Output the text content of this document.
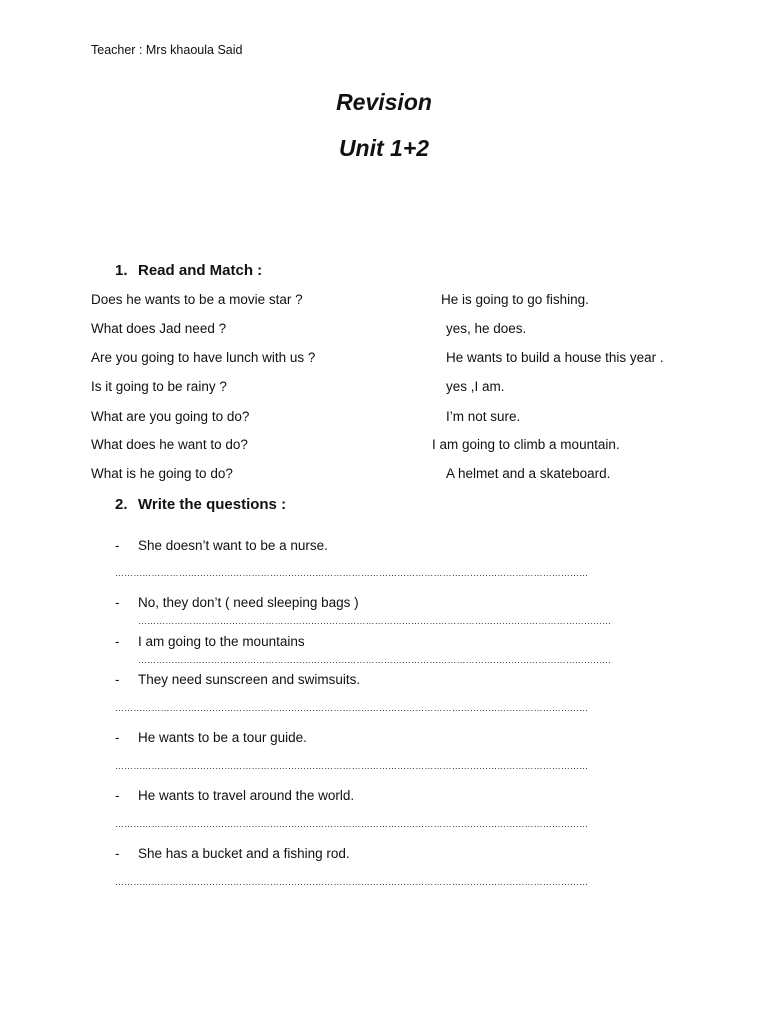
Teacher : Mrs khaoula Said
Revision
Unit 1+2
1. Read and Match :
Does he wants to be a movie star ?
What does Jad need ?
Are you going to have lunch with us ?
Is it going to be rainy ?
What are you going to do?
What does he want to do?
What is he going to do?
He is going to go fishing.
yes, he does.
He wants to build a house this year .
yes ,I am.
I’m not sure.
I am going to climb a mountain.
A helmet and a skateboard.
2. Write the questions :
- She doesn’t want to be a nurse.
…………………………………………………………………………………………………………………………………………
- No, they don’t ( need sleeping bags )
…………………………………………………………………………………………………………………………………………
- I am going to the mountains
…………………………………………………………………………………………………………………………………………
- They need sunscreen and swimsuits.
…………………………………………………………………………………………………………………………………………
- He wants to be a tour guide.
…………………………………………………………………………………………………………………………………………
- He wants to travel around the world.
…………………………………………………………………………………………………………………………………………
- She has a bucket and a fishing rod.
…………………………………………………………………………………………………………………………………………
